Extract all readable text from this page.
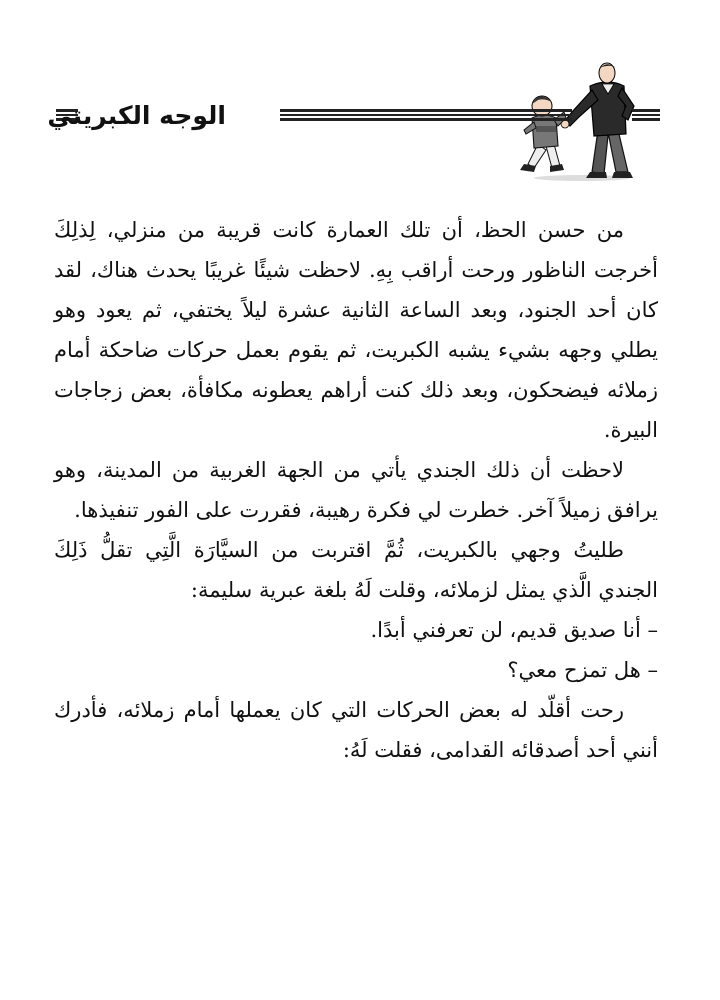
الوجه الكبريتي

من حسن الحظ، أن تلك العمارة كانت قريبة من منزلي، لِذلِكَ أخرجت الناظور ورحت أراقب بِهِ. لاحظت شيئًا غريبًا يحدث هناك، لقد كان أحد الجنود، وبعد الساعة الثانية عشرة ليلاً يختفي، ثم يعود وهو يطلي وجهه بشيء يشبه الكبريت، ثم يقوم بعمل حركات ضاحكة أمام زملائه فيضحكون، وبعد ذلك كنت أراهم يعطونه مكافأة، بعض زجاجات البيرة.

لاحظت أن ذلك الجندي يأتي من الجهة الغربية من المدينة، وهو يرافق زميلاً آخر. خطرت لي فكرة رهيبة، فقررت على الفور تنفيذها.

طليتُ وجهي بالكبريت، ثُمَّ اقتربت من السيَّارَة الَّتِي تقلُّ ذَلِكَ الجندي الَّذي يمثل لزملائه، وقلت لَهُ بلغة عبرية سليمة:

– أنا صديق قديم، لن تعرفني أبدًا.

– هل تمزح معي؟

رحت أقلّد له بعض الحركات التي كان يعملها أمام زملائه، فأدرك أنني أحد أصدقائه القدامى، فقلت لَهُ:
